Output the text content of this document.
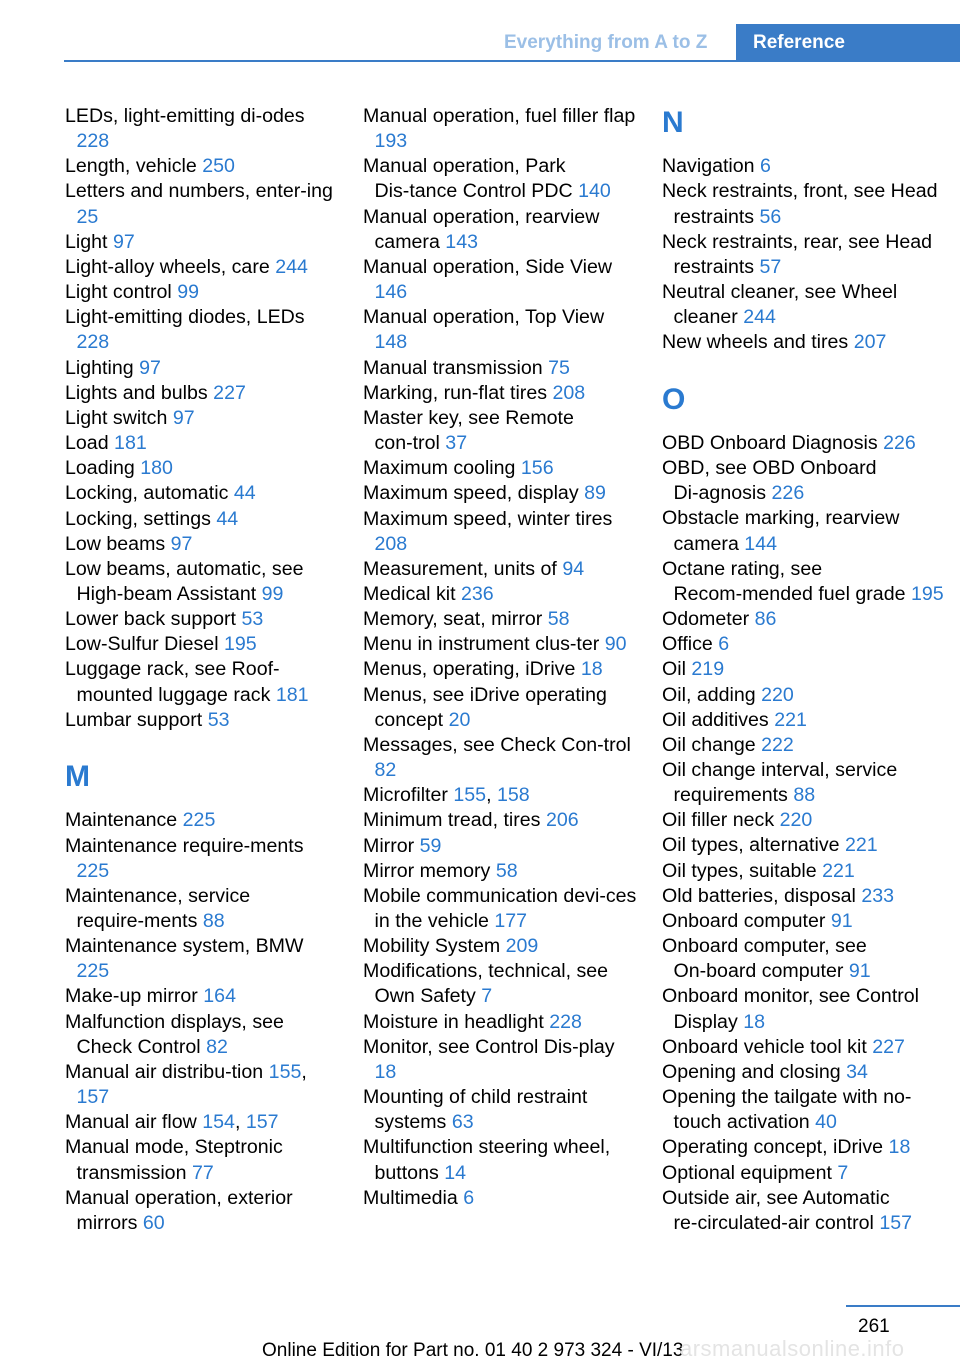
Everything from A to Z	Reference
LEDs, light-emitting di‑odes 228
Length, vehicle 250
Letters and numbers, enter‑ing 25
Light 97
Light-alloy wheels, care 244
Light control 99
Light-emitting diodes, LEDs 228
Lighting 97
Lights and bulbs 227
Light switch 97
Load 181
Loading 180
Locking, automatic 44
Locking, settings 44
Low beams 97
Low beams, automatic, see High-beam Assistant 99
Lower back support 53
Low-Sulfur Diesel 195
Luggage rack, see Roof-mounted luggage rack 181
Lumbar support 53
M
Maintenance 225
Maintenance require‑ments 225
Maintenance, service require‑ments 88
Maintenance system, BMW 225
Make-up mirror 164
Malfunction displays, see Check Control 82
Manual air distribu‑tion 155, 157
Manual air flow 154, 157
Manual mode, Steptronic transmission 77
Manual operation, exterior mirrors 60
Manual operation, fuel filler flap 193
Manual operation, Park Dis‑tance Control PDC 140
Manual operation, rearview camera 143
Manual operation, Side View 146
Manual operation, Top View 148
Manual transmission 75
Marking, run-flat tires 208
Master key, see Remote con‑trol 37
Maximum cooling 156
Maximum speed, display 89
Maximum speed, winter tires 208
Measurement, units of 94
Medical kit 236
Memory, seat, mirror 58
Menu in instrument clus‑ter 90
Menus, operating, iDrive 18
Menus, see iDrive operating concept 20
Messages, see Check Con‑trol 82
Microfilter 155, 158
Minimum tread, tires 206
Mirror 59
Mirror memory 58
Mobile communication devi‑ces in the vehicle 177
Mobility System 209
Modifications, technical, see Own Safety 7
Moisture in headlight 228
Monitor, see Control Dis‑play 18
Mounting of child restraint systems 63
Multifunction steering wheel, buttons 14
Multimedia 6
N
Navigation 6
Neck restraints, front, see Head restraints 56
Neck restraints, rear, see Head restraints 57
Neutral cleaner, see Wheel cleaner 244
New wheels and tires 207
O
OBD Onboard Diagnosis 226
OBD, see OBD Onboard Di‑agnosis 226
Obstacle marking, rearview camera 144
Octane rating, see Recom‑mended fuel grade 195
Odometer 86
Office 6
Oil 219
Oil, adding 220
Oil additives 221
Oil change 222
Oil change interval, service requirements 88
Oil filler neck 220
Oil types, alternative 221
Oil types, suitable 221
Old batteries, disposal 233
Onboard computer 91
Onboard computer, see On‑board computer 91
Onboard monitor, see Control Display 18
Onboard vehicle tool kit 227
Opening and closing 34
Opening the tailgate with no-touch activation 40
Operating concept, iDrive 18
Optional equipment 7
Outside air, see Automatic re‑circulated-air control 157
261
Online Edition for Part no. 01 40 2 973 324 - VI/13
arsmanualsonline.info
